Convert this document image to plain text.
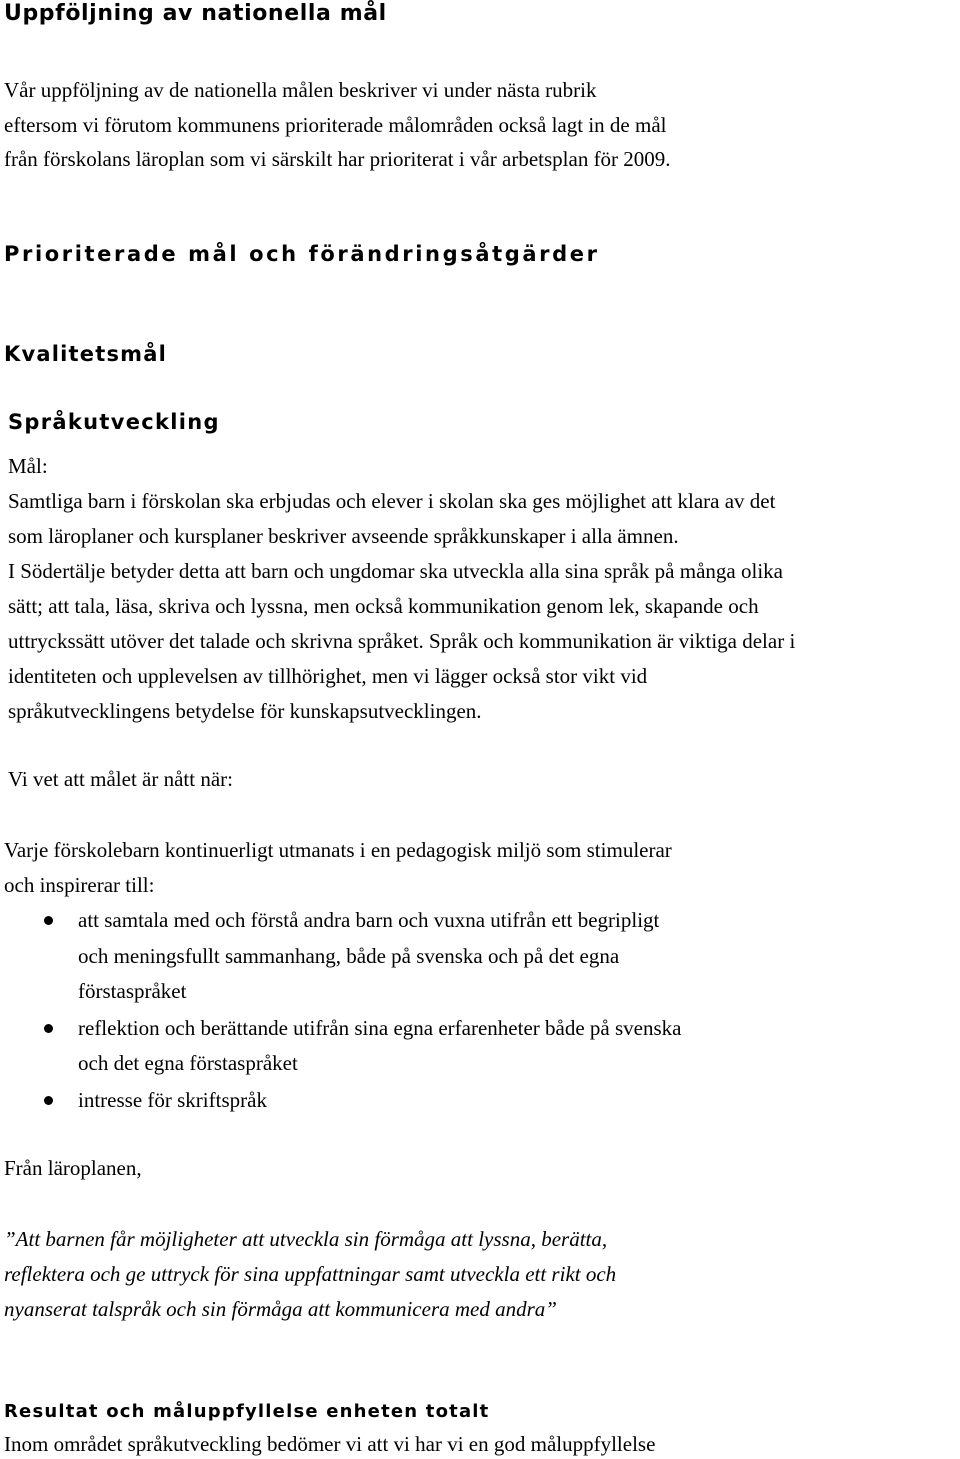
Uppföljning av nationella mål
Vår uppföljning av de nationella målen beskriver vi under nästa rubrik
eftersom vi förutom kommunens prioriterade målområden också lagt in de mål
från förskolans läroplan som vi särskilt har prioriterat i vår arbetsplan för 2009.
Prioriterade mål och förändringsåtgärder
Kvalitetsmål
Språkutveckling
Mål:
Samtliga barn i förskolan ska erbjudas och elever i skolan ska ges möjlighet att klara av det
som läroplaner och kursplaner beskriver avseende språkkunskaper i alla ämnen.
I Södertälje betyder detta att barn och ungdomar ska utveckla alla sina språk på många olika
sätt; att tala, läsa, skriva och lyssna, men också kommunikation genom lek, skapande och
uttryckssätt utöver det talade och skrivna språket. Språk och kommunikation är viktiga delar i
identiteten och upplevelsen av tillhörighet, men vi lägger också stor vikt vid
språkutvecklingens betydelse för kunskapsutvecklingen.
Vi vet att målet är nått när:
Varje förskolebarn kontinuerligt utmanats i en pedagogisk miljö som stimulerar
och inspirerar till:
att samtala med och förstå andra barn och vuxna utifrån ett begripligt
och meningsfullt sammanhang, både på svenska och på det egna
förstaspråket
reflektion och berättande utifrån sina egna erfarenheter både på svenska
och det egna förstaspråket
intresse för skriftspråk
Från läroplanen,
”Att barnen får möjligheter att utveckla sin förmåga att lyssna, berätta,
reflektera och ge uttryck för sina uppfattningar samt utveckla ett rikt och
nyanserat talspråk och sin förmåga att kommunicera med andra”
Resultat och måluppfyllelse enheten totalt
Inom området språkutveckling bedömer vi att vi har vi en god måluppfyllelse
